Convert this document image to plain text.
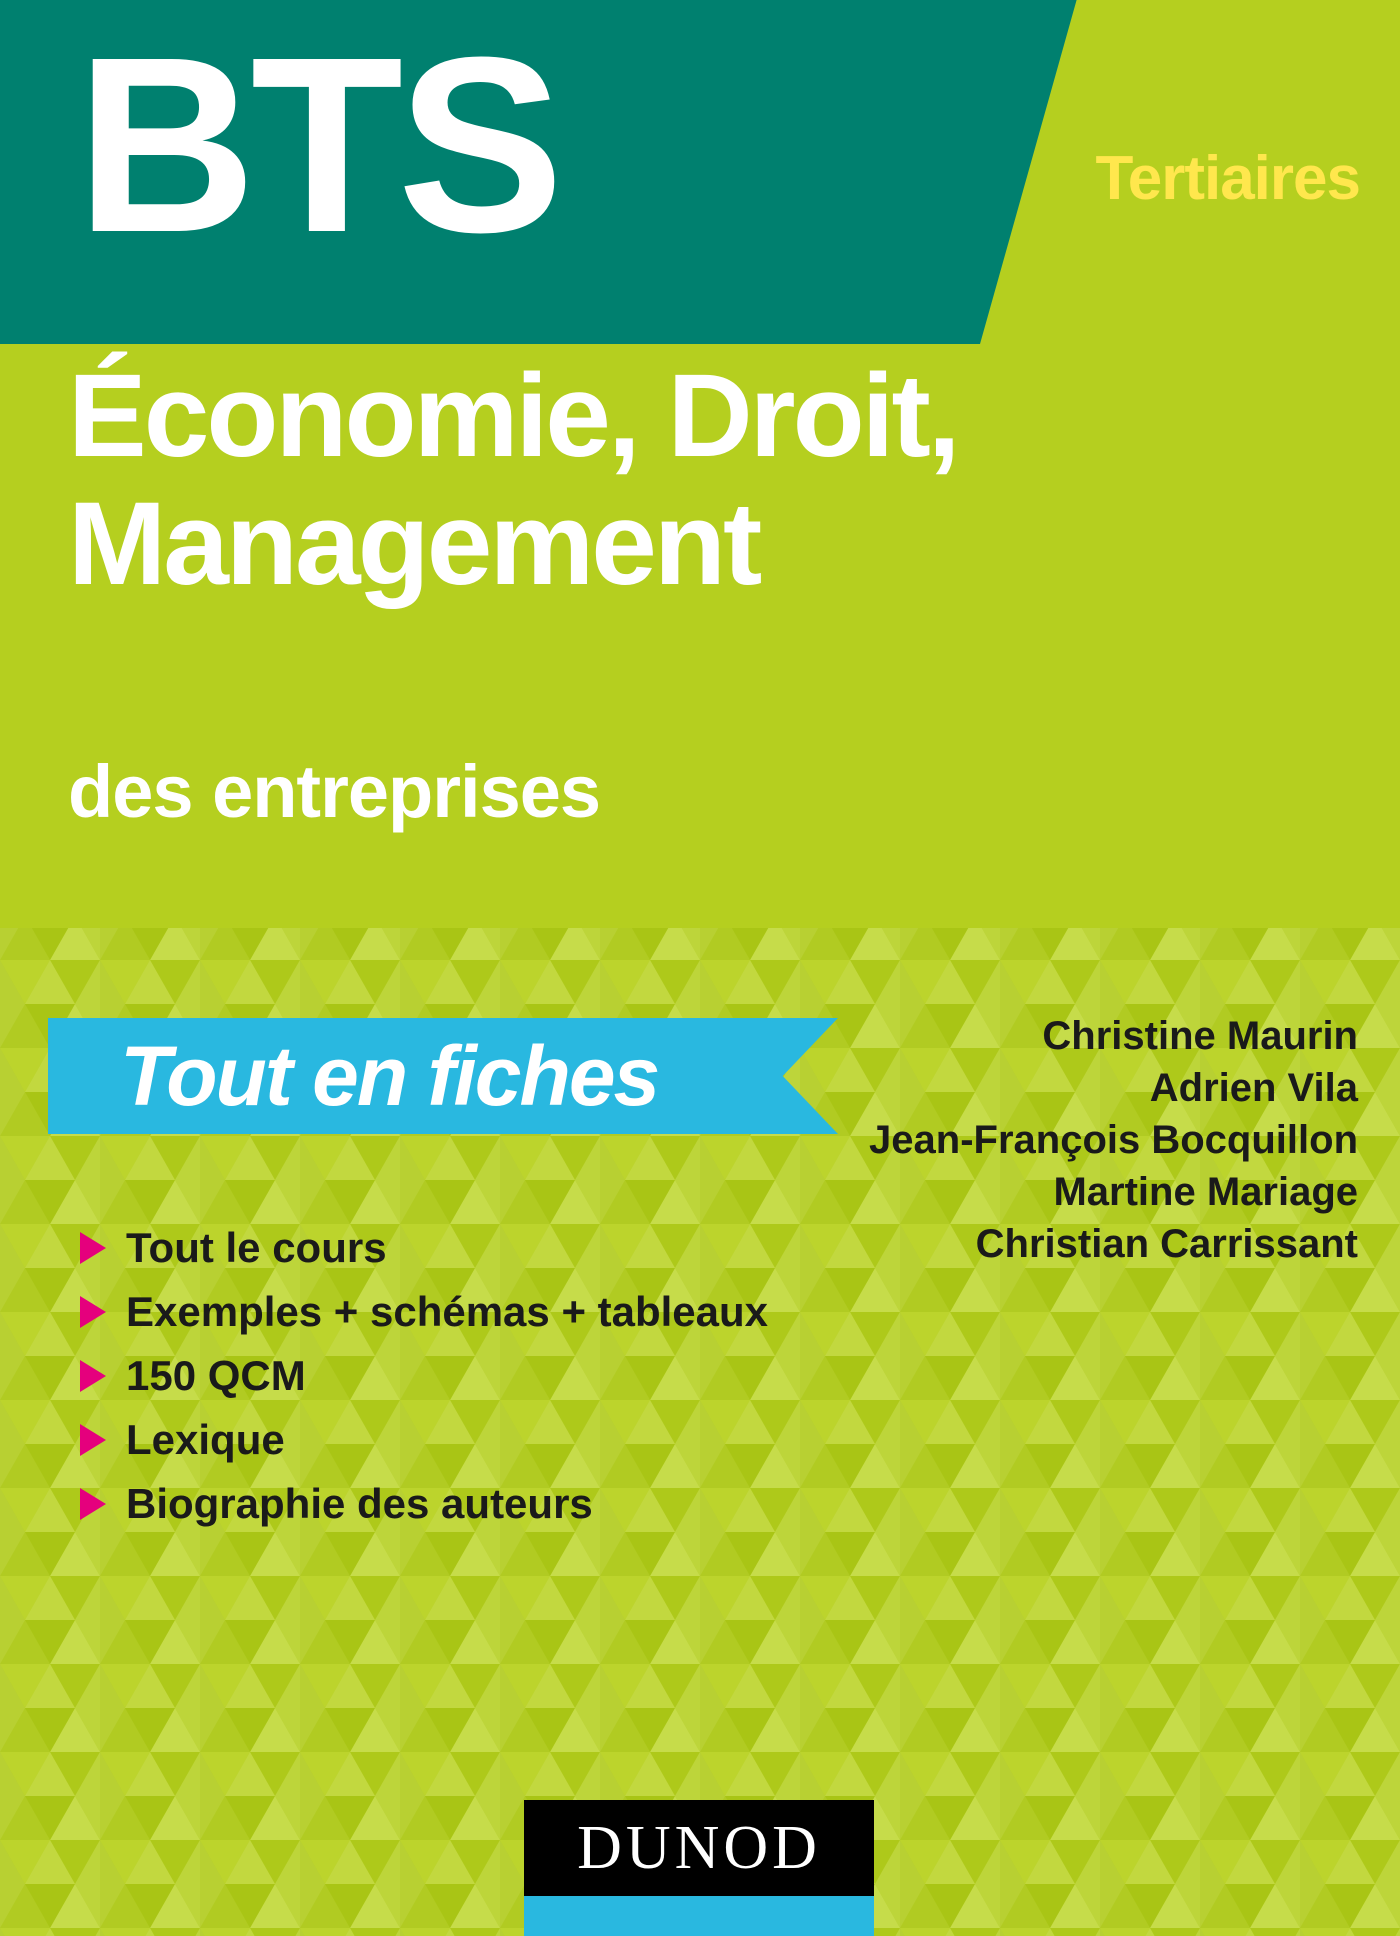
BTS	Tertiaires
Économie, Droit,
Management
des entreprises
Tout en fiches
Tout le cours
Exemples + schémas + tableaux
150 QCM
Lexique
Biographie des auteurs
Christine Maurin
Adrien Vila
Jean-François Bocquillon
Martine Mariage
Christian Carrissant
DUNOD
